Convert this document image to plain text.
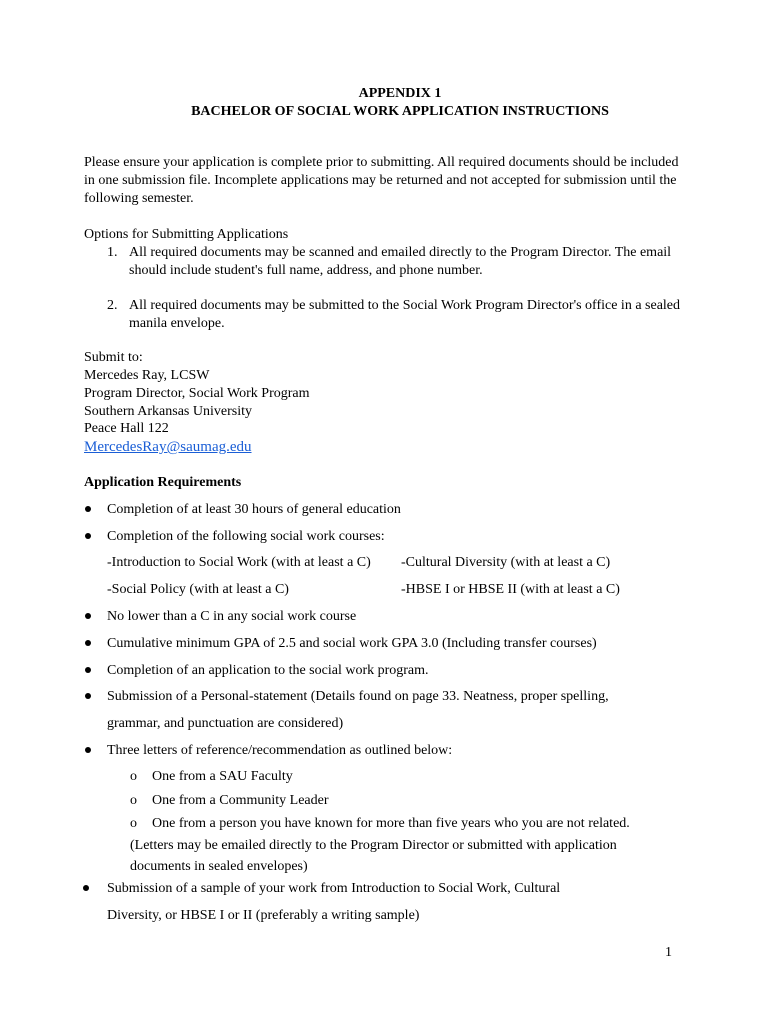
APPENDIX 1
BACHELOR OF SOCIAL WORK APPLICATION INSTRUCTIONS
Please ensure your application is complete prior to submitting. All required documents should be included
in one submission file. Incomplete applications may be returned and not accepted for submission until the
following semester.
Options for Submitting Applications
1. All required documents may be scanned and emailed directly to the Program Director. The email
should include student's full name, address, and phone number.
2. All required documents may be submitted to the Social Work Program Director's office in a sealed
manila envelope.
Submit to:
Mercedes Ray, LCSW
Program Director, Social Work Program
Southern Arkansas University
Peace Hall 122
MercedesRay@saumag.edu
Application Requirements
Completion of at least 30 hours of general education
Completion of the following social work courses:
-Introduction to Social Work (with at least a C) -Cultural Diversity (with at least a C)
-Social Policy (with at least a C)	-HBSE I or HBSE II (with at least a C)
No lower than a C in any social work course
Cumulative minimum GPA of 2.5 and social work GPA 3.0 (Including transfer courses)
Completion of an application to the social work program.
Submission of a Personal-statement (Details found on page 33. Neatness, proper spelling,
grammar, and punctuation are considered)
Three letters of reference/recommendation as outlined below:
o One from a SAU Faculty
o One from a Community Leader
o One from a person you have known for more than five years who you are not related.
(Letters may be emailed directly to the Program Director or submitted with application
documents in sealed envelopes)
Submission of a sample of your work from Introduction to Social Work, Cultural
Diversity, or HBSE I or II (preferably a writing sample)
1
